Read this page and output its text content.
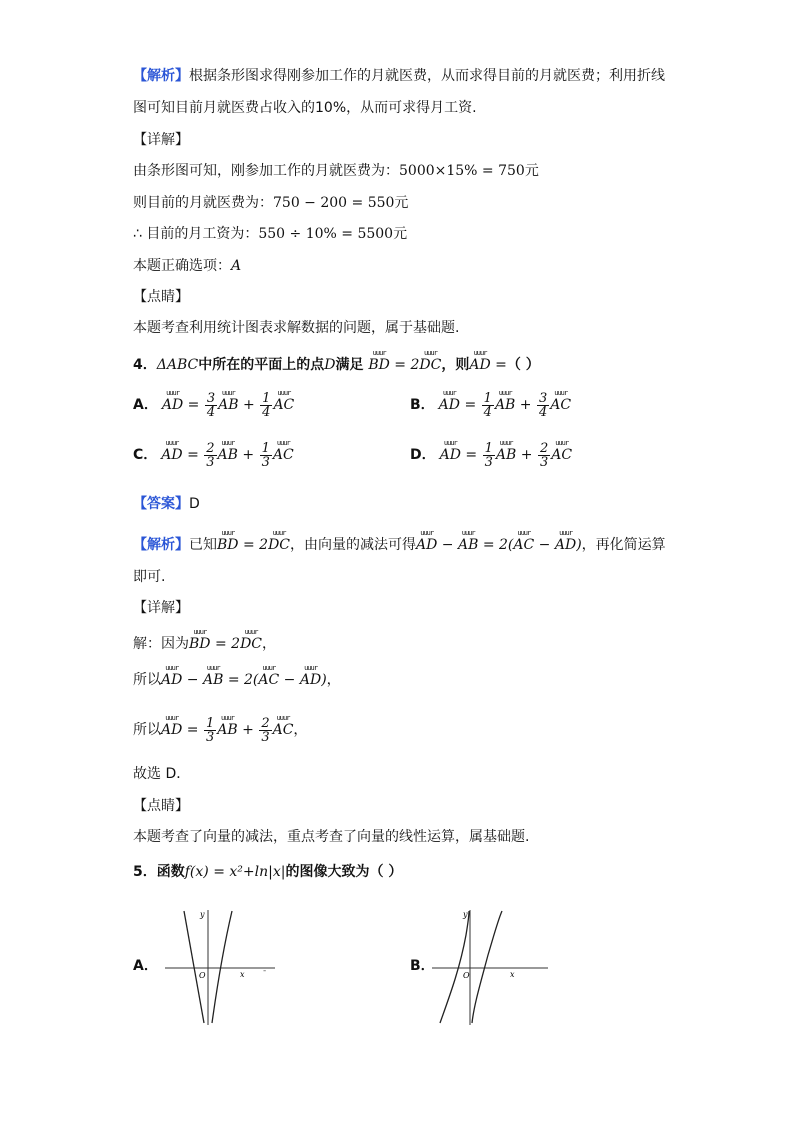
【解析】根据条形图求得刚参加工作的月就医费，从而求得目前的月就医费；利用折线
图可知目前月就医费占收入的10%，从而可求得月工资.
【详解】
由条形图可知，刚参加工作的月就医费为：5000×15% = 750元
则目前的月就医费为：750 − 200 = 550元
∴ 目前的月工资为：550 ÷ 10% = 5500元
本题正确选项：A
【点睛】
本题考查利用统计图表求解数据的问题，属于基础题.
4．ΔABC中所在的平面上的点D满足 uuur BD = 2uuur DC，则uuur AD =（ ）
A． uuur AD = $\frac{3}{4}$ uuur AB + $\frac{1}{4}$ uuur AC	B． uuur AD = $\frac{1}{4}$ uuur AB + $\frac{3}{4}$ uuur AC
C． uuur AD = $\frac{2}{3}$ uuur AB + $\frac{1}{3}$ uuur AC	D． uuur AD = $\frac{1}{3}$ uuur AB + $\frac{2}{3}$ uuur AC
【答案】D
【解析】已知uuur BD = 2uuur DC，由向量的减法可得uuur AD − uuur AB = 2(uuur AC − uuur AD)，再化简运算
即可.
【详解】
解：因为uuur BD = 2uuur DC，
所以uuur AD − uuur AB = 2(uuur AC − uuur AD)，
所以uuur AD = $\frac{1}{3}$ uuur AB + $\frac{2}{3}$ uuur AC，
故选 D．
【点睛】
本题考查了向量的减法，重点考查了向量的线性运算，属基础题.
5．函数f(x) = x²+ln|x|的图像大致为（ ）
A．	B．
y
x
O	-
y
x
O
